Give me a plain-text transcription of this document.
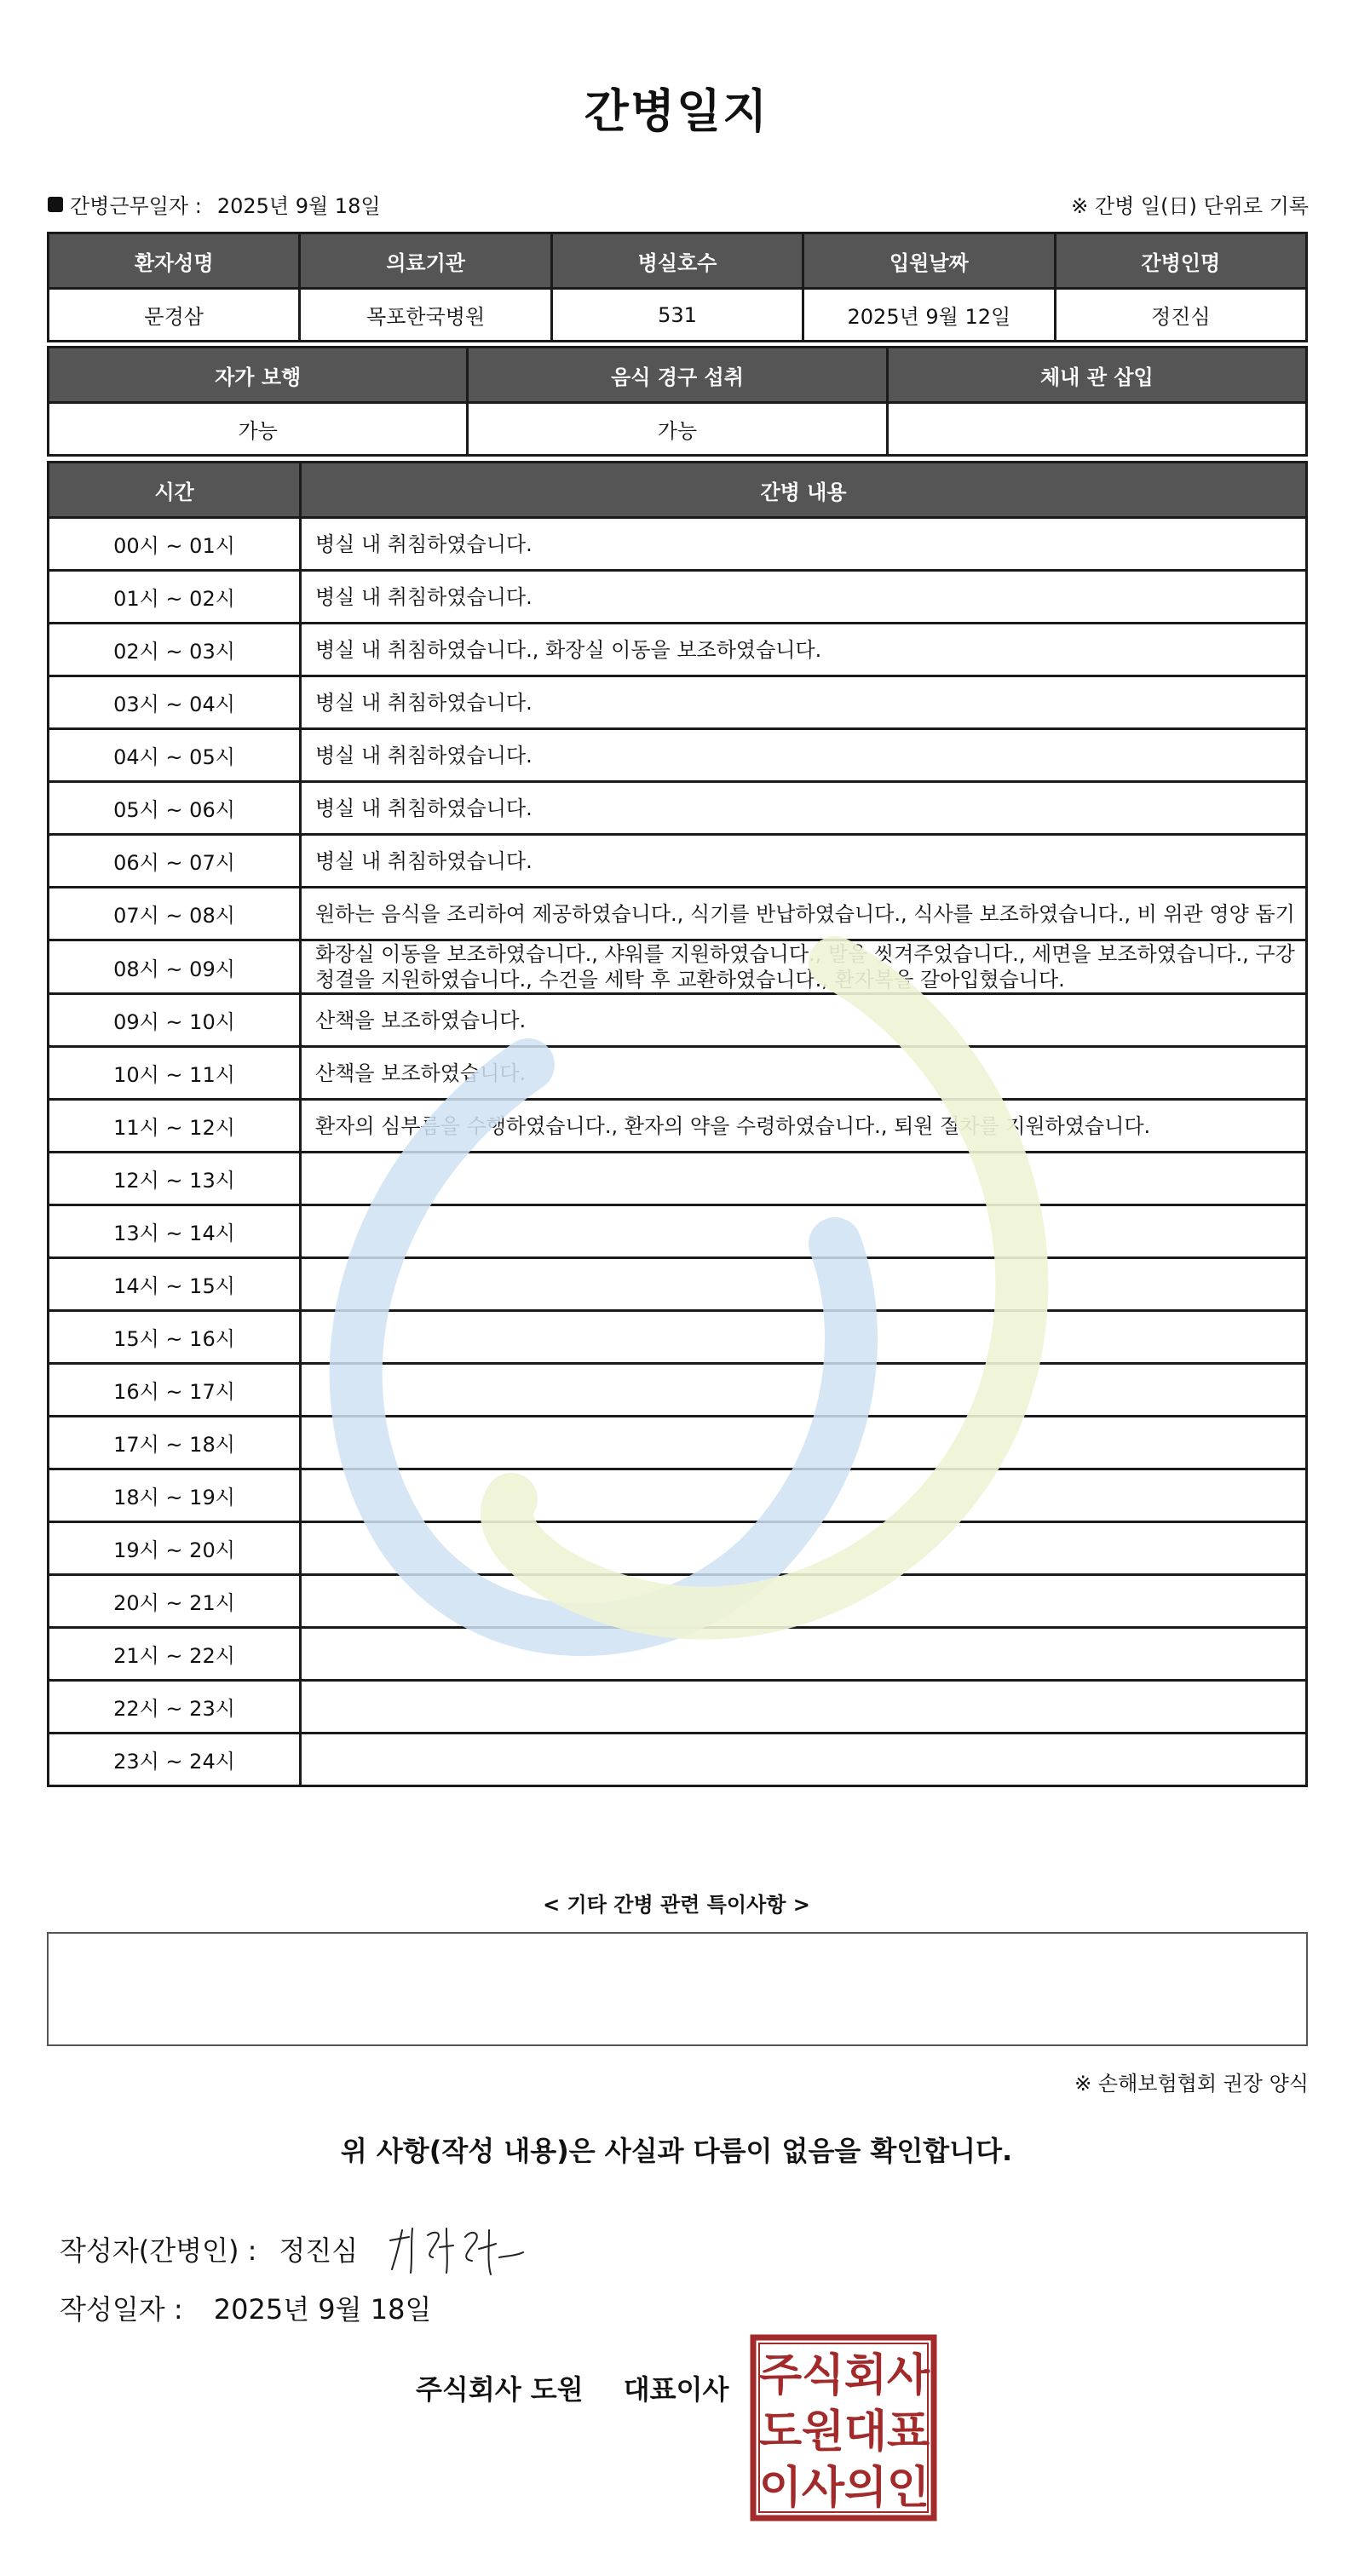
간병일지
간병근무일자 : 2025년 9월 18일	※ 간병 일(日) 단위로 기록
환자성명	의료기관	병실호수	입원날짜	간병인명
문경삼	목포한국병원	531	2025년 9월 12일	정진심
자가 보행	음식 경구 섭취	체내 관 삽입
가능	가능	
시간	간병 내용
00시 ~ 01시	병실 내 취침하였습니다.
01시 ~ 02시	병실 내 취침하였습니다.
02시 ~ 03시	병실 내 취침하였습니다., 화장실 이동을 보조하였습니다.
03시 ~ 04시	병실 내 취침하였습니다.
04시 ~ 05시	병실 내 취침하였습니다.
05시 ~ 06시	병실 내 취침하였습니다.
06시 ~ 07시	병실 내 취침하였습니다.
07시 ~ 08시	원하는 음식을 조리하여 제공하였습니다., 식기를 반납하였습니다., 식사를 보조하였습니다., 비 위관 영양 돕기
08시 ~ 09시	화장실 이동을 보조하였습니다., 샤워를 지원하였습니다., 발을 씻겨주었습니다., 세면을 보조하였습니다., 구강청결을 지원하였습니다., 수건을 세탁 후 교환하였습니다., 환자복을 갈아입혔습니다.
09시 ~ 10시	산책을 보조하였습니다.
10시 ~ 11시	산책을 보조하였습니다.
11시 ~ 12시	환자의 심부름을 수행하였습니다., 환자의 약을 수령하였습니다., 퇴원 절차를 지원하였습니다.
12시 ~ 13시	
13시 ~ 14시	
14시 ~ 15시	
15시 ~ 16시	
16시 ~ 17시	
17시 ~ 18시	
18시 ~ 19시	
19시 ~ 20시	
20시 ~ 21시	
21시 ~ 22시	
22시 ~ 23시	
23시 ~ 24시	
< 기타 간병 관련 특이사항 >
※ 손해보험협회 권장 양식
위 사항(작성 내용)은 사실과 다름이 없음을 확인합니다.
작성자(간병인) : 정진심
작성일자 : 2025년 9월 18일
주식회사 도원 대표이사 주 식 회 사
도 원 대 표
이 사 의 인
